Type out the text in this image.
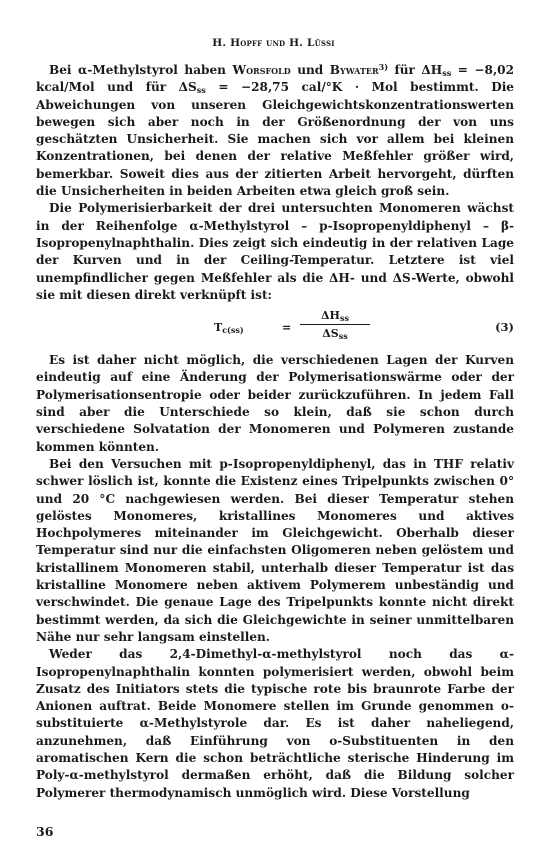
H. Hopff und H. Lüssi

Bei α-Methylstyrol haben Worsfold und Bywater$^{3)}$ für $\Delta H_{ss} = -8,02$ kcal/Mol und für $\Delta S_{ss} = -28,75$ cal/°K · Mol bestimmt. Die Abweichungen von unseren Gleichgewichtskonzentrationswerten bewegen sich aber noch in der Größenordnung der von uns geschätzten Unsicherheit. Sie machen sich vor allem bei kleinen Konzentrationen, bei denen der relative Meßfehler größer wird, bemerkbar. Soweit dies aus der zitierten Arbeit hervorgeht, dürften die Unsicherheiten in beiden Arbeiten etwa gleich groß sein.

Die Polymerisierbarkeit der drei untersuchten Monomeren wächst in der Reihenfolge α-Methylstyrol – p-Isopropenyldiphenyl – β-Isopropenylnaphthalin. Dies zeigt sich eindeutig in der relativen Lage der Kurven und in der Ceiling-Temperatur. Letztere ist viel unempfindlicher gegen Meßfehler als die ΔH- und ΔS-Werte, obwohl sie mit diesen direkt verknüpft ist:

$T_{c(ss)}$	=
$\Delta H_{ss}$
$\Delta S_{ss}$
(3)

Es ist daher nicht möglich, die verschiedenen Lagen der Kurven eindeutig auf eine Änderung der Polymerisationswärme oder der Polymerisationsentropie oder beider zurückzuführen. In jedem Fall sind aber die Unterschiede so klein, daß sie schon durch verschiedene Solvatation der Monomeren und Polymeren zustande kommen könnten.

Bei den Versuchen mit p-Isopropenyldiphenyl, das in THF relativ schwer löslich ist, konnte die Existenz eines Tripelpunkts zwischen 0° und 20 °C nachgewiesen werden. Bei dieser Temperatur stehen gelöstes Monomeres, kristallines Monomeres und aktives Hochpolymeres miteinander im Gleichgewicht. Oberhalb dieser Temperatur sind nur die einfachsten Oligomeren neben gelöstem und kristallinem Monomeren stabil, unterhalb dieser Temperatur ist das kristalline Monomere neben aktivem Polymerem unbeständig und verschwindet. Die genaue Lage des Tripelpunkts konnte nicht direkt bestimmt werden, da sich die Gleichgewichte in seiner unmittelbaren Nähe nur sehr langsam einstellen.

Weder das 2,4-Dimethyl-α-methylstyrol noch das α-Isopropenylnaphthalin konnten polymerisiert werden, obwohl beim Zusatz des Initiators stets die typische rote bis braunrote Farbe der Anionen auftrat. Beide Monomere stellen im Grunde genommen o-substituierte α-Methylstyrole dar. Es ist daher naheliegend, anzunehmen, daß Einführung von o-Substituenten in den aromatischen Kern die schon beträchtliche sterische Hinderung im Poly-α-methylstyrol dermaßen erhöht, daß die Bildung solcher Polymerer thermodynamisch unmöglich wird. Diese Vorstellung

36
